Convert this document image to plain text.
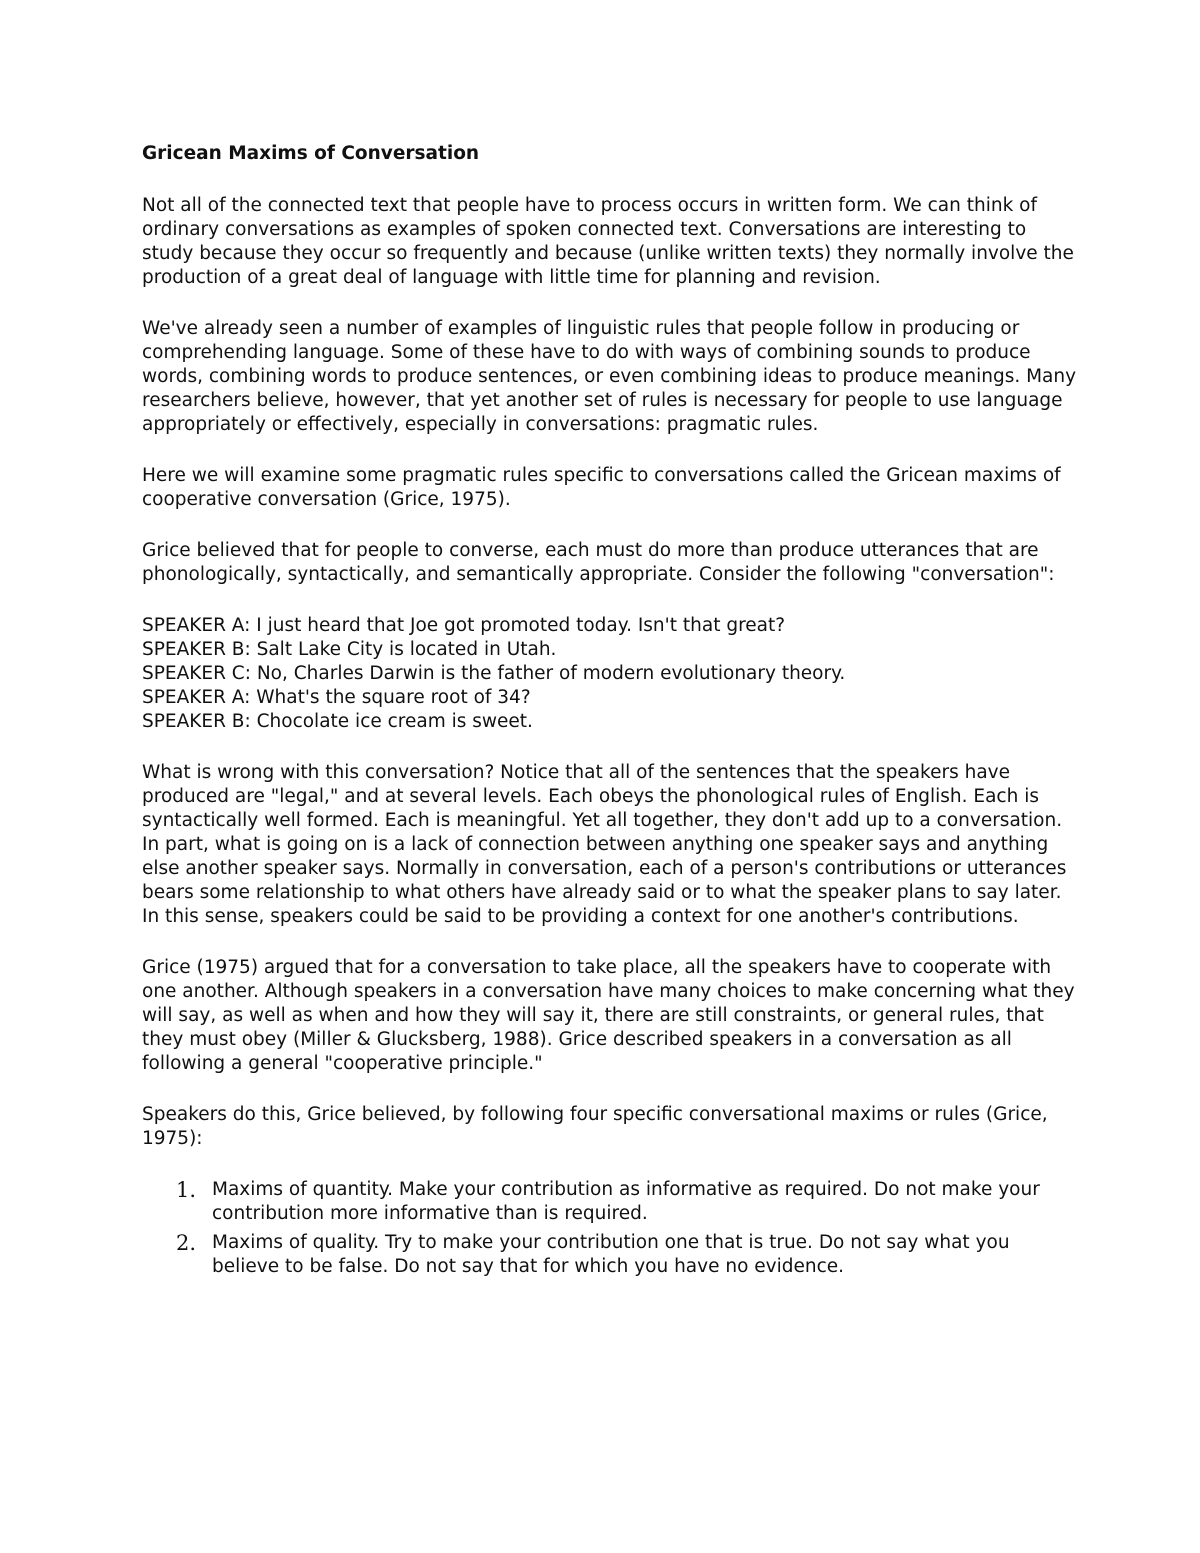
Gricean Maxims of Conversation

Not all of the connected text that people have to process occurs in written form. We can think of ordinary conversations as examples of spoken connected text. Conversations are interesting to study because they occur so frequently and because (unlike written texts) they normally involve the production of a great deal of language with little time for planning and revision.

We've already seen a number of examples of linguistic rules that people follow in producing or comprehending language. Some of these have to do with ways of combining sounds to produce words, combining words to produce sentences, or even combining ideas to produce meanings. Many researchers believe, however, that yet another set of rules is necessary for people to use language appropriately or effectively, especially in conversations: pragmatic rules.

Here we will examine some pragmatic rules specific to conversations called the Gricean maxims of cooperative conversation (Grice, 1975).

Grice believed that for people to converse, each must do more than produce utterances that are phonologically, syntactically, and semantically appropriate. Consider the following "conversation":

SPEAKER A: I just heard that Joe got promoted today. Isn't that great?
SPEAKER B: Salt Lake City is located in Utah.
SPEAKER C: No, Charles Darwin is the father of modern evolutionary theory.
SPEAKER A: What's the square root of 34?
SPEAKER B: Chocolate ice cream is sweet.

What is wrong with this conversation? Notice that all of the sentences that the speakers have produced are "legal," and at several levels. Each obeys the phonological rules of English. Each is syntactically well formed. Each is meaningful. Yet all together, they don't add up to a conversation. In part, what is going on is a lack of connection between anything one speaker says and anything else another speaker says. Normally in conversation, each of a person's contributions or utterances bears some relationship to what others have already said or to what the speaker plans to say later. In this sense, speakers could be said to be providing a context for one another's contributions.

Grice (1975) argued that for a conversation to take place, all the speakers have to cooperate with one another. Although speakers in a conversation have many choices to make concerning what they will say, as well as when and how they will say it, there are still constraints, or general rules, that they must obey (Miller & Glucksberg, 1988). Grice described speakers in a conversation as all following a general "cooperative principle."

Speakers do this, Grice believed, by following four specific conversational maxims or rules (Grice, 1975):

1. Maxims of quantity. Make your contribution as informative as required. Do not make your contribution more informative than is required.
2. Maxims of quality. Try to make your contribution one that is true. Do not say what you believe to be false. Do not say that for which you have no evidence.
